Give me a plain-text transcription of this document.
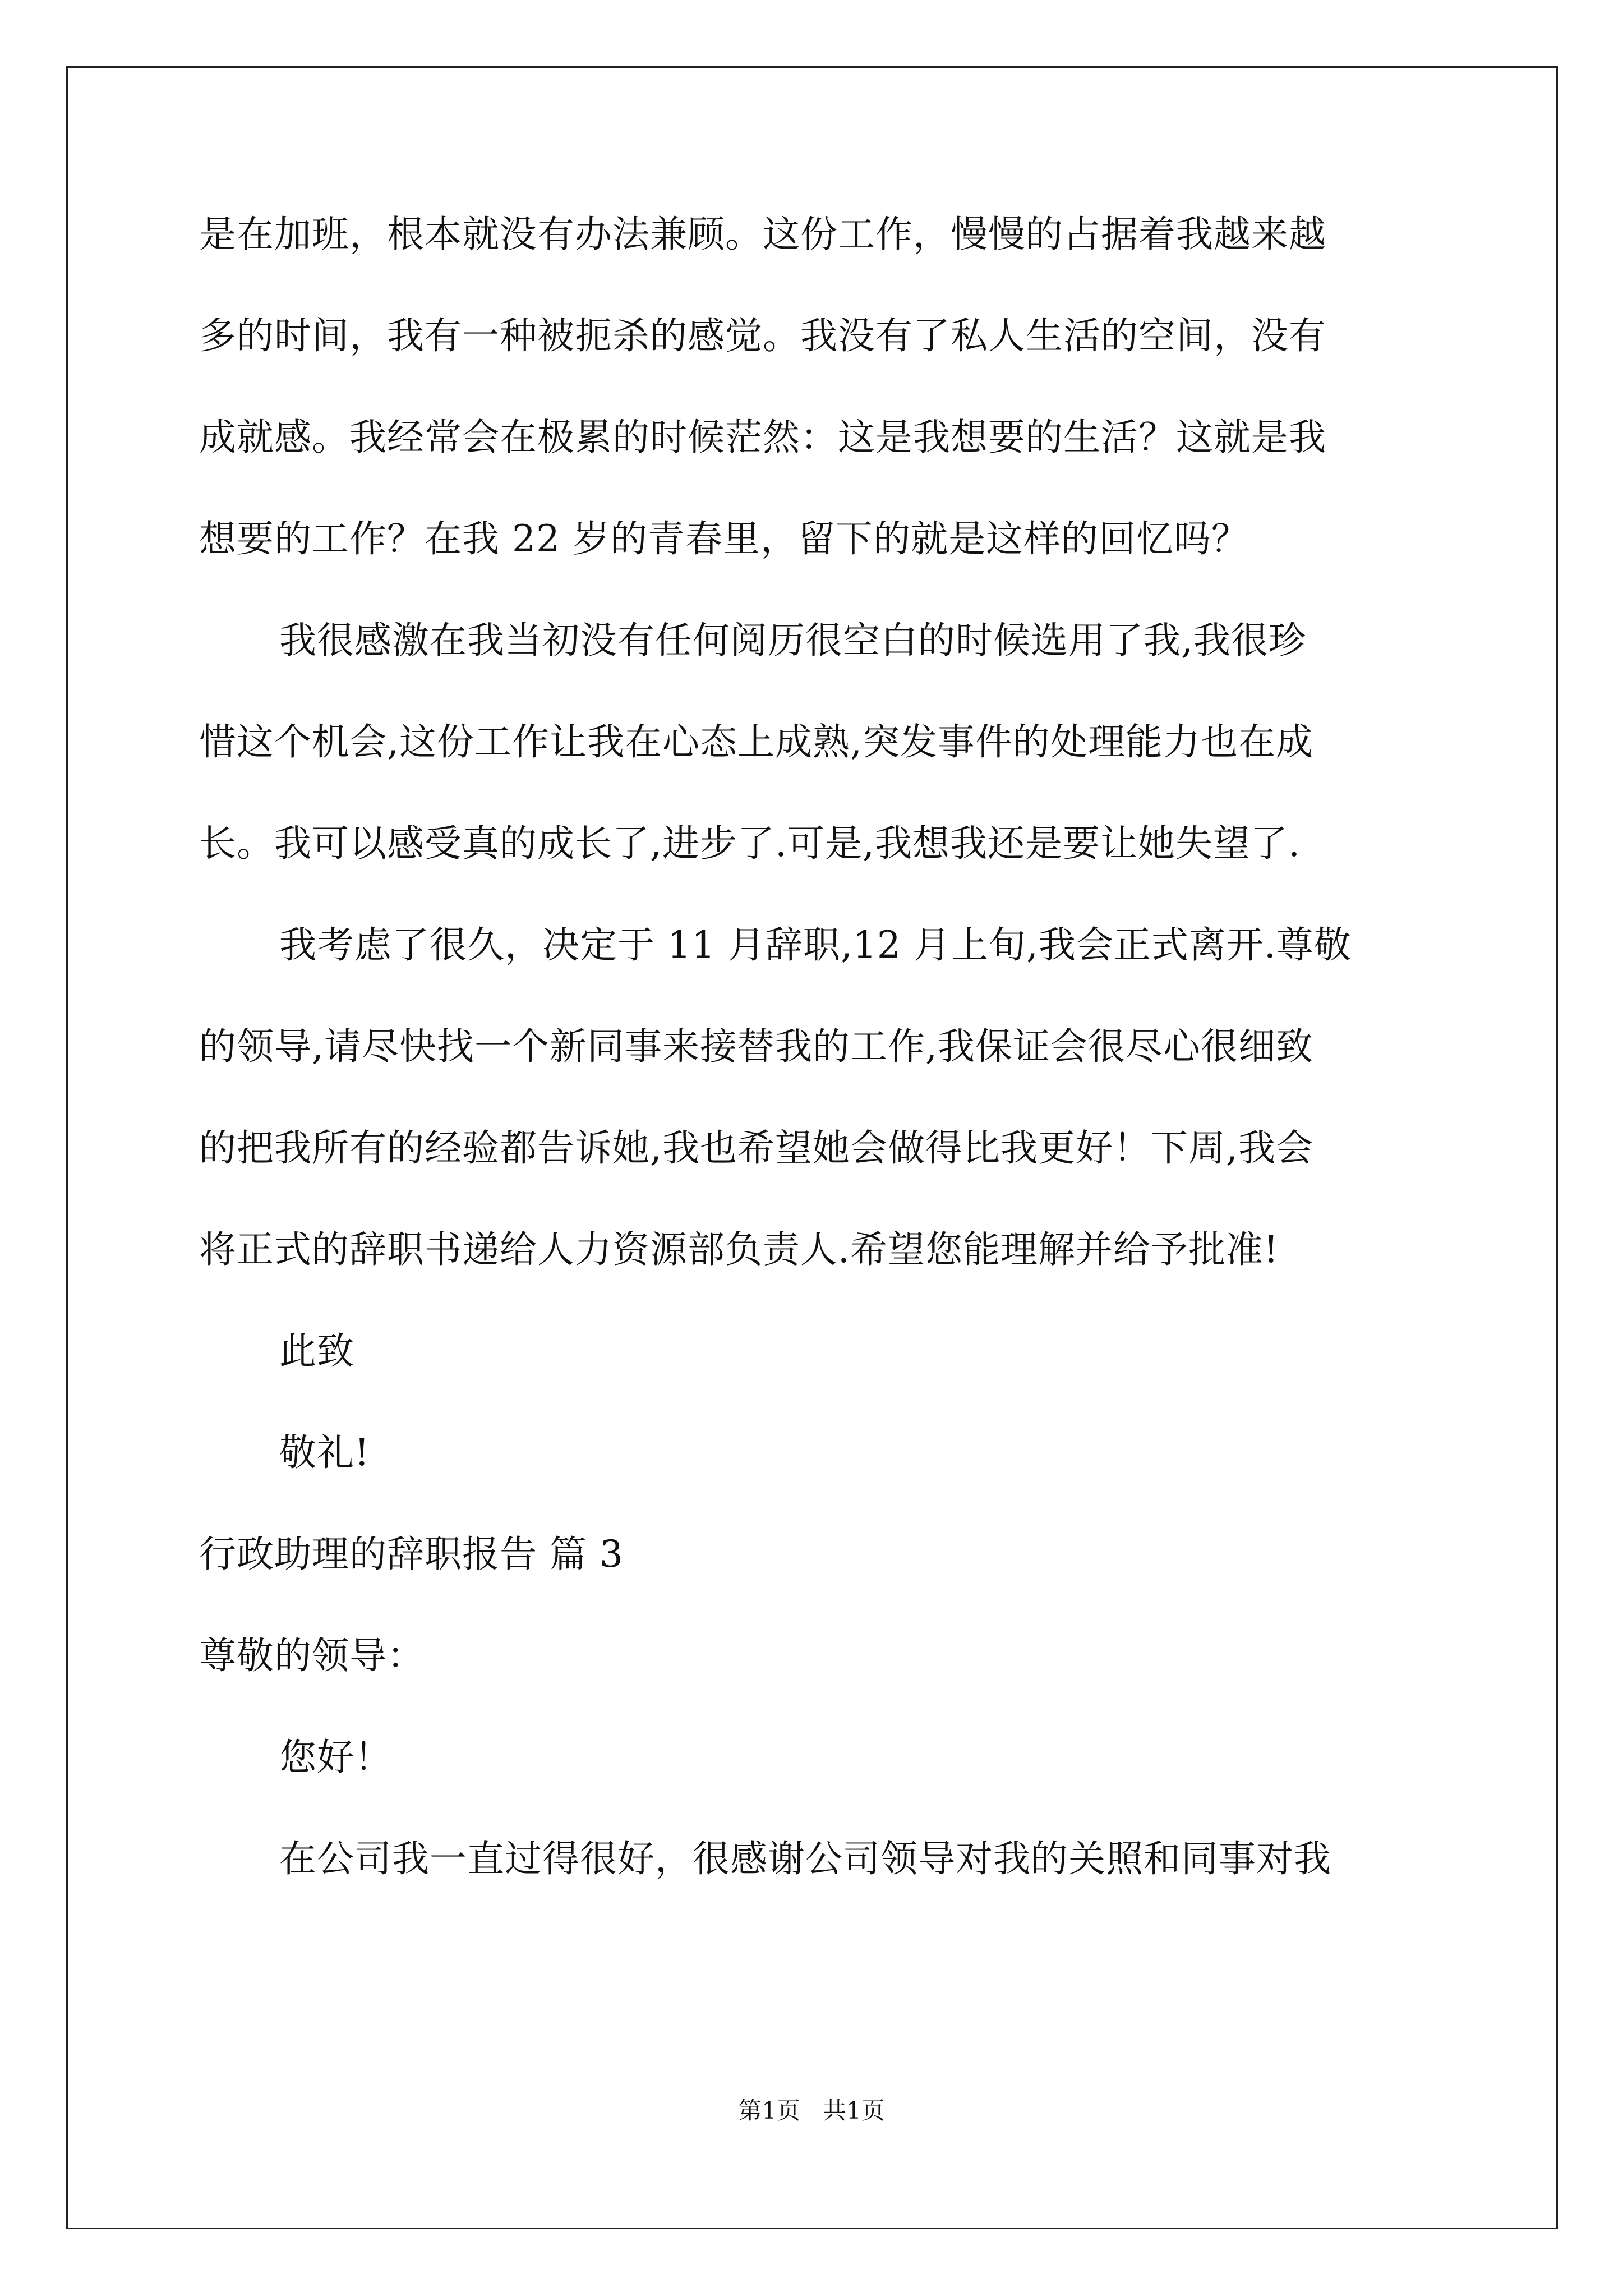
是在加班，根本就没有办法兼顾。这份工作，慢慢的占据着我越来越
多的时间，我有一种被扼杀的感觉。我没有了私人生活的空间，没有
成就感。我经常会在极累的时候茫然：这是我想要的生活？这就是我
想要的工作？在我 22 岁的青春里，留下的就是这样的回忆吗？
我很感激在我当初没有任何阅历很空白的时候选用了我,我很珍
惜这个机会,这份工作让我在心态上成熟,突发事件的处理能力也在成
长。我可以感受真的成长了,进步了.可是,我想我还是要让她失望了.
我考虑了很久，决定于 11 月辞职,12 月上旬,我会正式离开.尊敬
的领导,请尽快找一个新同事来接替我的工作,我保证会很尽心很细致
的把我所有的经验都告诉她,我也希望她会做得比我更好！下周,我会
将正式的辞职书递给人力资源部负责人.希望您能理解并给予批准!
此致
敬礼!
行政助理的辞职报告 篇 3
尊敬的领导：
您好！
在公司我一直过得很好，很感谢公司领导对我的关照和同事对我
第1页   共1页
